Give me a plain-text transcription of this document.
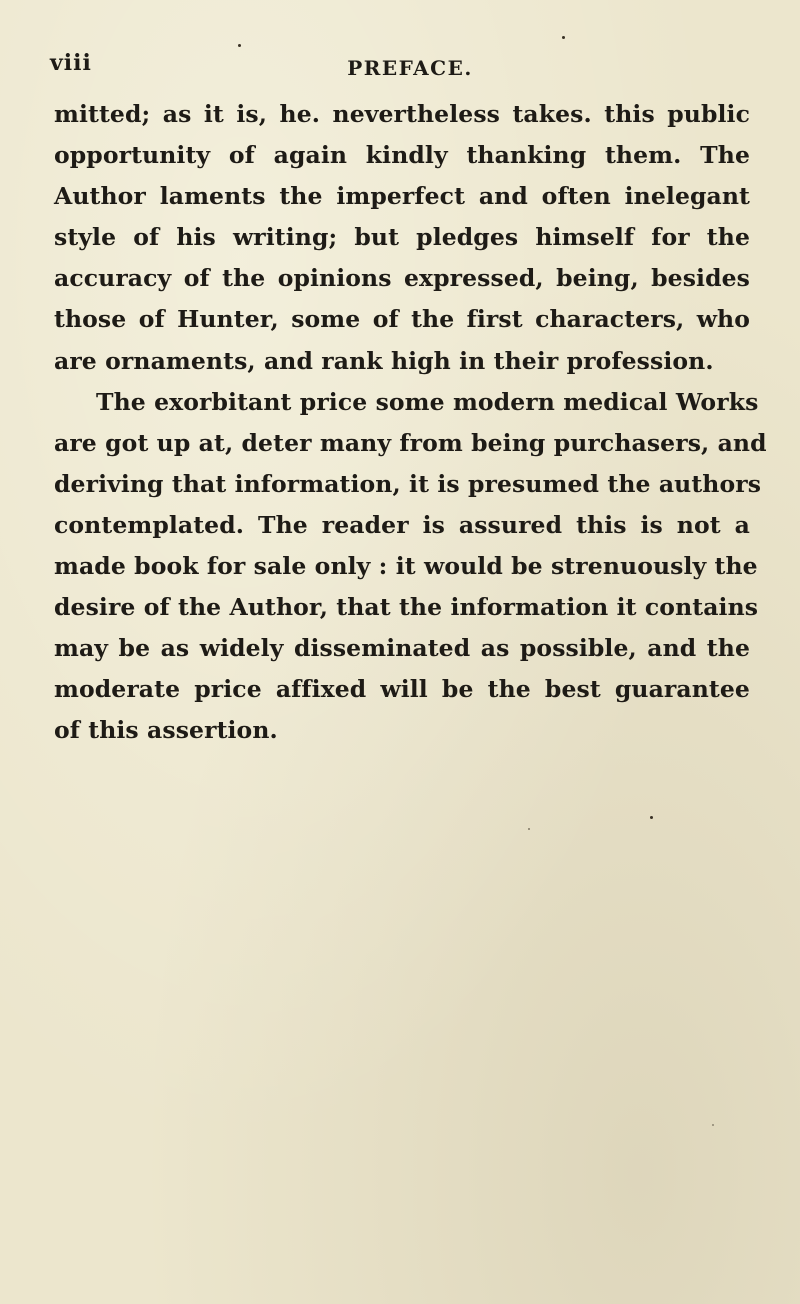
viii	PREFACE.
mitted; as it is, he. nevertheless takes. this public
opportunity of again kindly thanking them. The
Author laments the imperfect and often inelegant
style of his writing; but pledges himself for the
accuracy of the opinions expressed, being, besides
those of Hunter, some of the first characters, who
are ornaments, and rank high in their profession.
The exorbitant price some modern medical Works
are got up at, deter many from being purchasers, and
deriving that information, it is presumed the authors
contemplated. The reader is assured this is not a
made book for sale only : it would be strenuously the
desire of the Author, that the information it contains
may be as widely disseminated as possible, and the
moderate price affixed will be the best guarantee
of this assertion.
